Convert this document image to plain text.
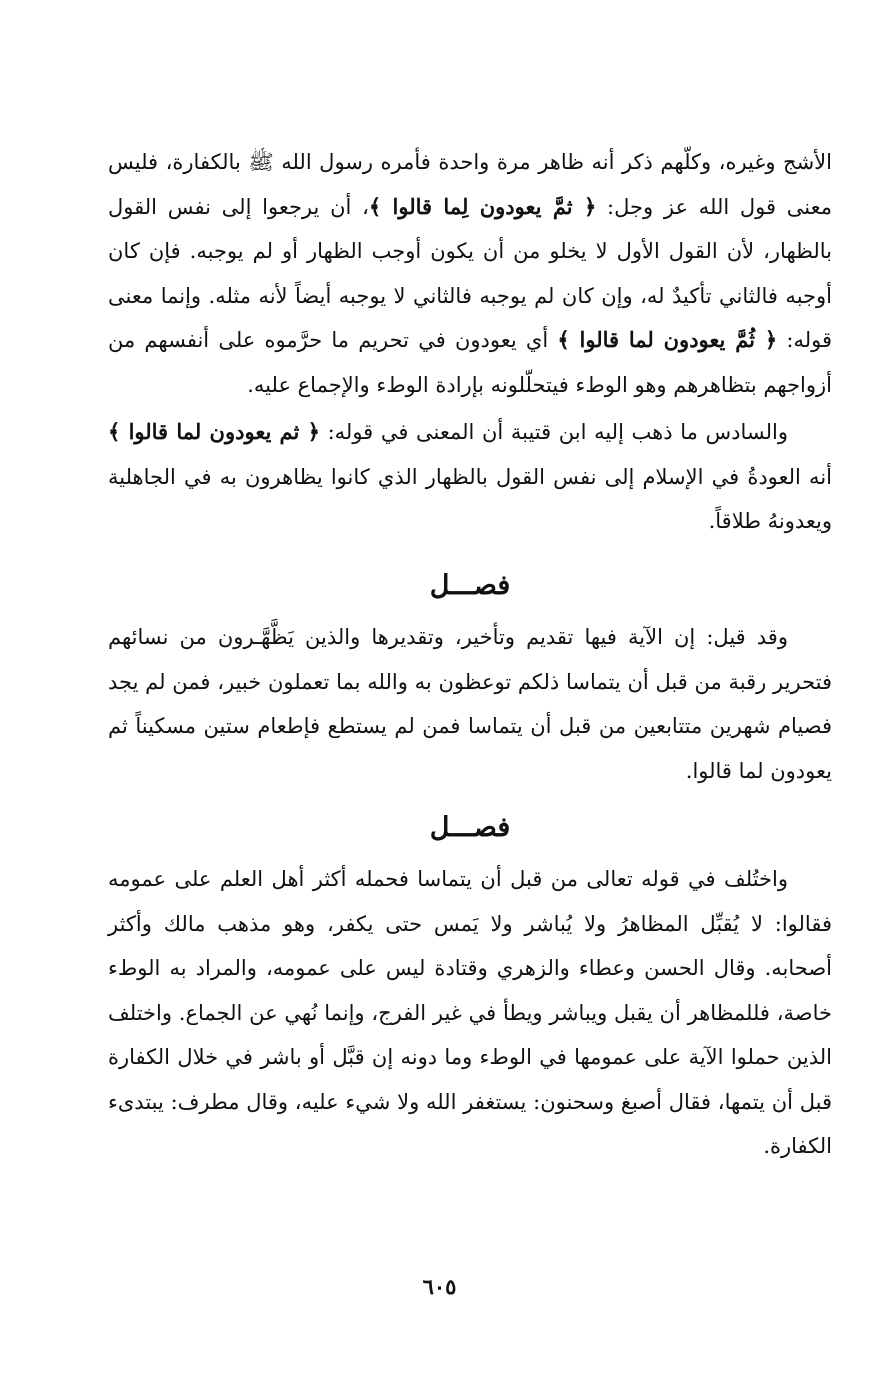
الأشج وغيره، وكلّهم ذكر أنه ظاهر مرة واحدة فأمره رسول الله ﷺ بالكفارة، فليس معنى قول الله عز وجل: ﴿ ثمَّ يعودون لِما قالوا ﴾، أن يرجعوا إلى نفس القول بالظهار، لأن القول الأول لا يخلو من أن يكون أوجب الظهار أو لم يوجبه. فإن كان أوجبه فالثاني تأكيدٌ له، وإن كان لم يوجبه فالثاني لا يوجبه أيضاً لأنه مثله. وإنما معنى قوله: ﴿ ثُمَّ يعودون لما قالوا ﴾ أي يعودون في تحريم ما حرَّموه على أنفسهم من أزواجهم بتظاهرهم وهو الوطء فيتحلّلونه بإرادة الوطء والإجماع عليه.

والسادس ما ذهب إليه ابن قتيبة أن المعنى في قوله: ﴿ ثم يعودون لما قالوا ﴾ أنه العودةُ في الإسلام إلى نفس القول بالظهار الذي كانوا يظاهرون به في الجاهلية ويعدونهُ طلاقاً.

فصـــل

وقد قيل: إن الآية فيها تقديم وتأخير، وتقديرها والذين يَظَّهَّـرون من نسائهم فتحرير رقبة من قبل أن يتماسا ذلكم توعظون به والله بما تعملون خبير، فمن لم يجد فصيام شهرين متتابعين من قبل أن يتماسا فمن لم يستطع فإطعام ستين مسكيناً ثم يعودون لما قالوا.

فصـــل

واختُلف في قوله تعالى من قبل أن يتماسا فحمله أكثر أهل العلم على عمومه فقالوا: لا يُقبِّل المظاهرُ ولا يُباشر ولا يَمس حتى يكفر، وهو مذهب مالك وأكثر أصحابه. وقال الحسن وعطاء والزهري وقتادة ليس على عمومه، والمراد به الوطء خاصة، فللمظاهر أن يقبل ويباشر ويطأ في غير الفرج، وإنما نُهي عن الجماع. واختلف الذين حملوا الآية على عمومها في الوطء وما دونه إن قبَّل أو باشر في خلال الكفارة قبل أن يتمها، فقال أصبغ وسحنون: يستغفر الله ولا شيء عليه، وقال مطرف: يبتدىء الكفارة.

٦٠٥
